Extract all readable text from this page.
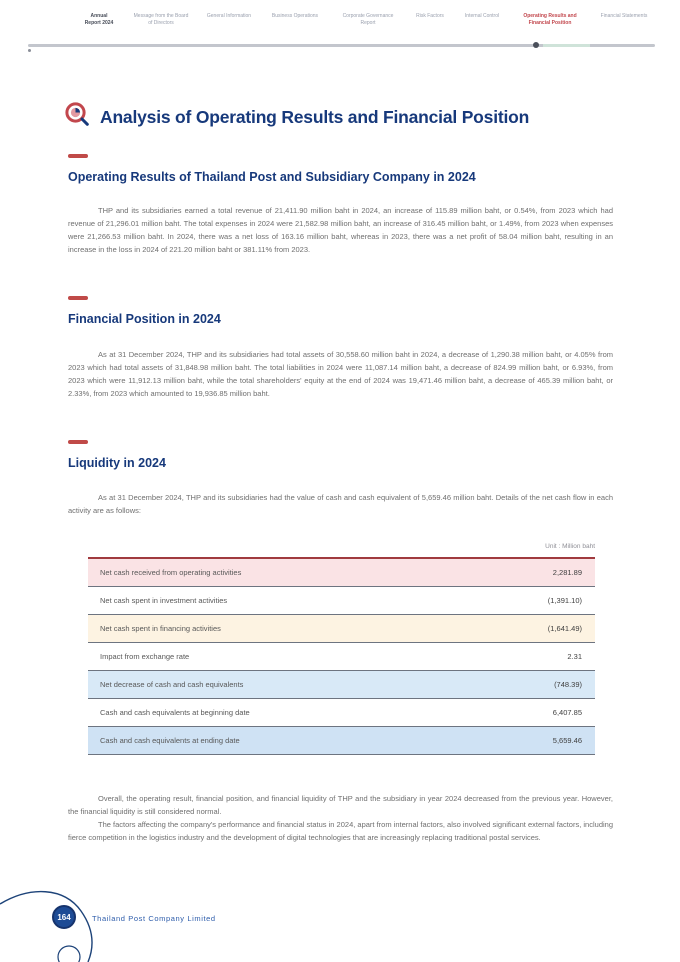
Annual Report 2024
Message from the Board of Directors
General Information	Business Operations	Corporate Governance Report
Risk Factors	Internal Control	Operating Results and Financial Position
Financial Statements
Analysis of Operating Results and Financial Position
Operating Results of Thailand Post and Subsidiary Company in 2024

THP and its subsidiaries earned a total revenue of 21,411.90 million baht in 2024, an increase of 115.89 million baht, or 0.54%, from 2023 which had revenue of 21,296.01 million baht. The total expenses in 2024 were 21,582.98 million baht, an increase of 316.45 million baht, or 1.49%, from 2023 when expenses were 21,266.53 million baht. In 2024, there was a net loss of 163.16 million baht, whereas in 2023, there was a net profit of 58.04 million baht, resulting in an increase in the loss in 2024 of 221.20 million baht or 381.11% from 2023.

Financial Position in 2024

As at 31 December 2024, THP and its subsidiaries had total assets of 30,558.60 million baht in 2024, a decrease of 1,290.38 million baht, or 4.05% from 2023 which had total assets of 31,848.98 million baht. The total liabilities in 2024 were 11,087.14 million baht, a decrease of 824.99 million baht, or 6.93%, from 2023 which were 11,912.13 million baht, while the total shareholders' equity at the end of 2024 was 19,471.46 million baht, a decrease of 465.39 million baht, or 2.33%, from 2023 which amounted to 19,936.85 million baht.

Liquidity in 2024

As at 31 December 2024, THP and its subsidiaries had the value of cash and cash equivalent of 5,659.46 million baht. Details of the net cash flow in each activity are as follows:

Unit : Million baht
Net cash received from operating activities	2,281.89
Net cash spent in investment activities	(1,391.10)
Net cash spent in financing activities	(1,641.49)
Impact from exchange rate	2.31
Net decrease of cash and cash equivalents	(748.39)
Cash and cash equivalents at beginning date	6,407.85
Cash and cash equivalents at ending date	5,659.46

Overall, the operating result, financial position, and financial liquidity of THP and the subsidiary in year 2024 decreased from the previous year. However, the financial liquidity is still considered normal.

The factors affecting the company's performance and financial status in 2024, apart from internal factors, also involved significant external factors, including fierce competition in the logistics industry and the development of digital technologies that are increasingly replacing traditional postal services.

164	Thailand Post Company Limited
